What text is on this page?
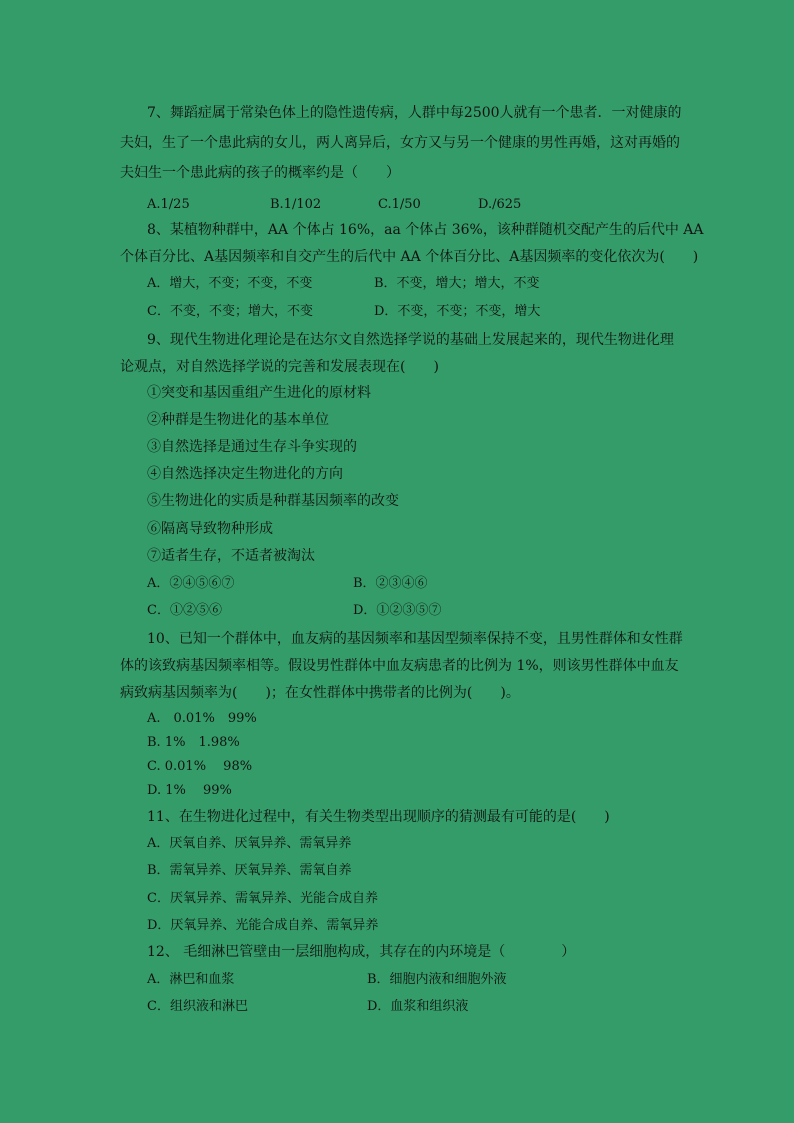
7、舞蹈症属于常染色体上的隐性遗传病，人群中每2500人就有一个患者．一对健康的
夫妇，生了一个患此病的女儿，两人离异后，女方又与另一个健康的男性再婚，这对再婚的
夫妇生一个患此病的孩子的概率约是（　　）
A.1/25	B.1/102	C.1/50	D./625
8、某植物种群中，AA 个体占 16%，aa 个体占 36%，该种群随机交配产生的后代中 AA
个体百分比、A基因频率和自交产生的后代中 AA 个体百分比、A基因频率的变化依次为(　　)
A．增大，不变；不变，不变	B．不变，增大；增大，不变
C．不变，不变；增大，不变	D．不变，不变；不变，增大
9、现代生物进化理论是在达尔文自然选择学说的基础上发展起来的，现代生物进化理
论观点，对自然选择学说的完善和发展表现在(　　)
①突变和基因重组产生进化的原材料
②种群是生物进化的基本单位
③自然选择是通过生存斗争实现的
④自然选择决定生物进化的方向
⑤生物进化的实质是种群基因频率的改变
⑥隔离导致物种形成
⑦适者生存，不适者被淘汰
A．②④⑤⑥⑦	B．②③④⑥
C．①②⑤⑥	D．①②③⑤⑦
10、已知一个群体中，血友病的基因频率和基因型频率保持不变，且男性群体和女性群
体的该致病基因频率相等。假设男性群体中血友病患者的比例为 1%，则该男性群体中血友
病致病基因频率为(　　)；在女性群体中携带者的比例为(　　)。
A.　0.01%　99%
B. 1%　1.98%
C. 0.01%　 98%
D. 1%　 99%
11、在生物进化过程中，有关生物类型出现顺序的猜测最有可能的是(　　)
A．厌氧自养、厌氧异养、需氧异养
B．需氧异养、厌氧异养、需氧自养
C．厌氧异养、需氧异养、光能合成自养
D．厌氧异养、光能合成自养、需氧异养
12、 毛细淋巴管壁由一层细胞构成，其存在的内环境是（　　　　）
A．淋巴和血浆	B．细胞内液和细胞外液
C．组织液和淋巴	D．血浆和组织液
